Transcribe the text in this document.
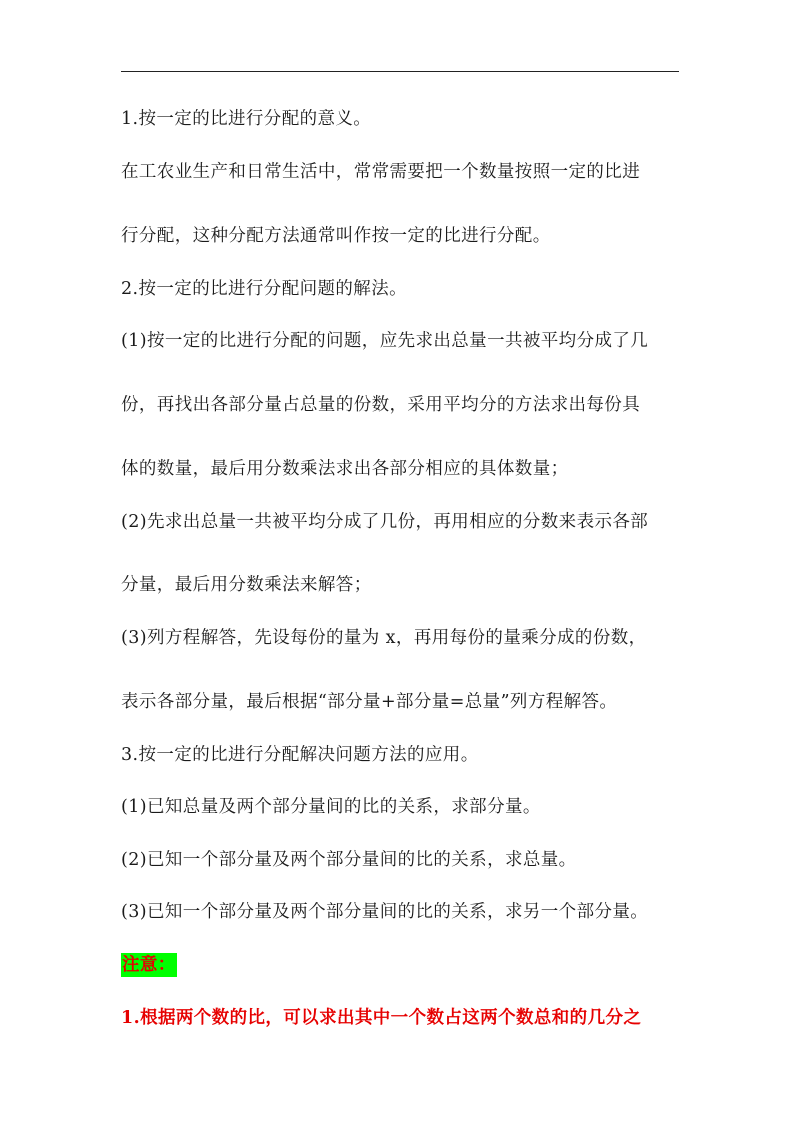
1.按一定的比进行分配的意义。

在工农业生产和日常生活中，常常需要把一个数量按照一定的比进

行分配，这种分配方法通常叫作按一定的比进行分配。

2.按一定的比进行分配问题的解法。

(1)按一定的比进行分配的问题，应先求出总量一共被平均分成了几

份，再找出各部分量占总量的份数，采用平均分的方法求出每份具

体的数量，最后用分数乘法求出各部分相应的具体数量；

(2)先求出总量一共被平均分成了几份，再用相应的分数来表示各部

分量，最后用分数乘法来解答；

(3)列方程解答，先设每份的量为 x，再用每份的量乘分成的份数，

表示各部分量，最后根据“部分量+部分量=总量”列方程解答。

3.按一定的比进行分配解决问题方法的应用。

(1)已知总量及两个部分量间的比的关系，求部分量。

(2)已知一个部分量及两个部分量间的比的关系，求总量。

(3)已知一个部分量及两个部分量间的比的关系，求另一个部分量。

注意：

1.根据两个数的比，可以求出其中一个数占这两个数总和的几分之
